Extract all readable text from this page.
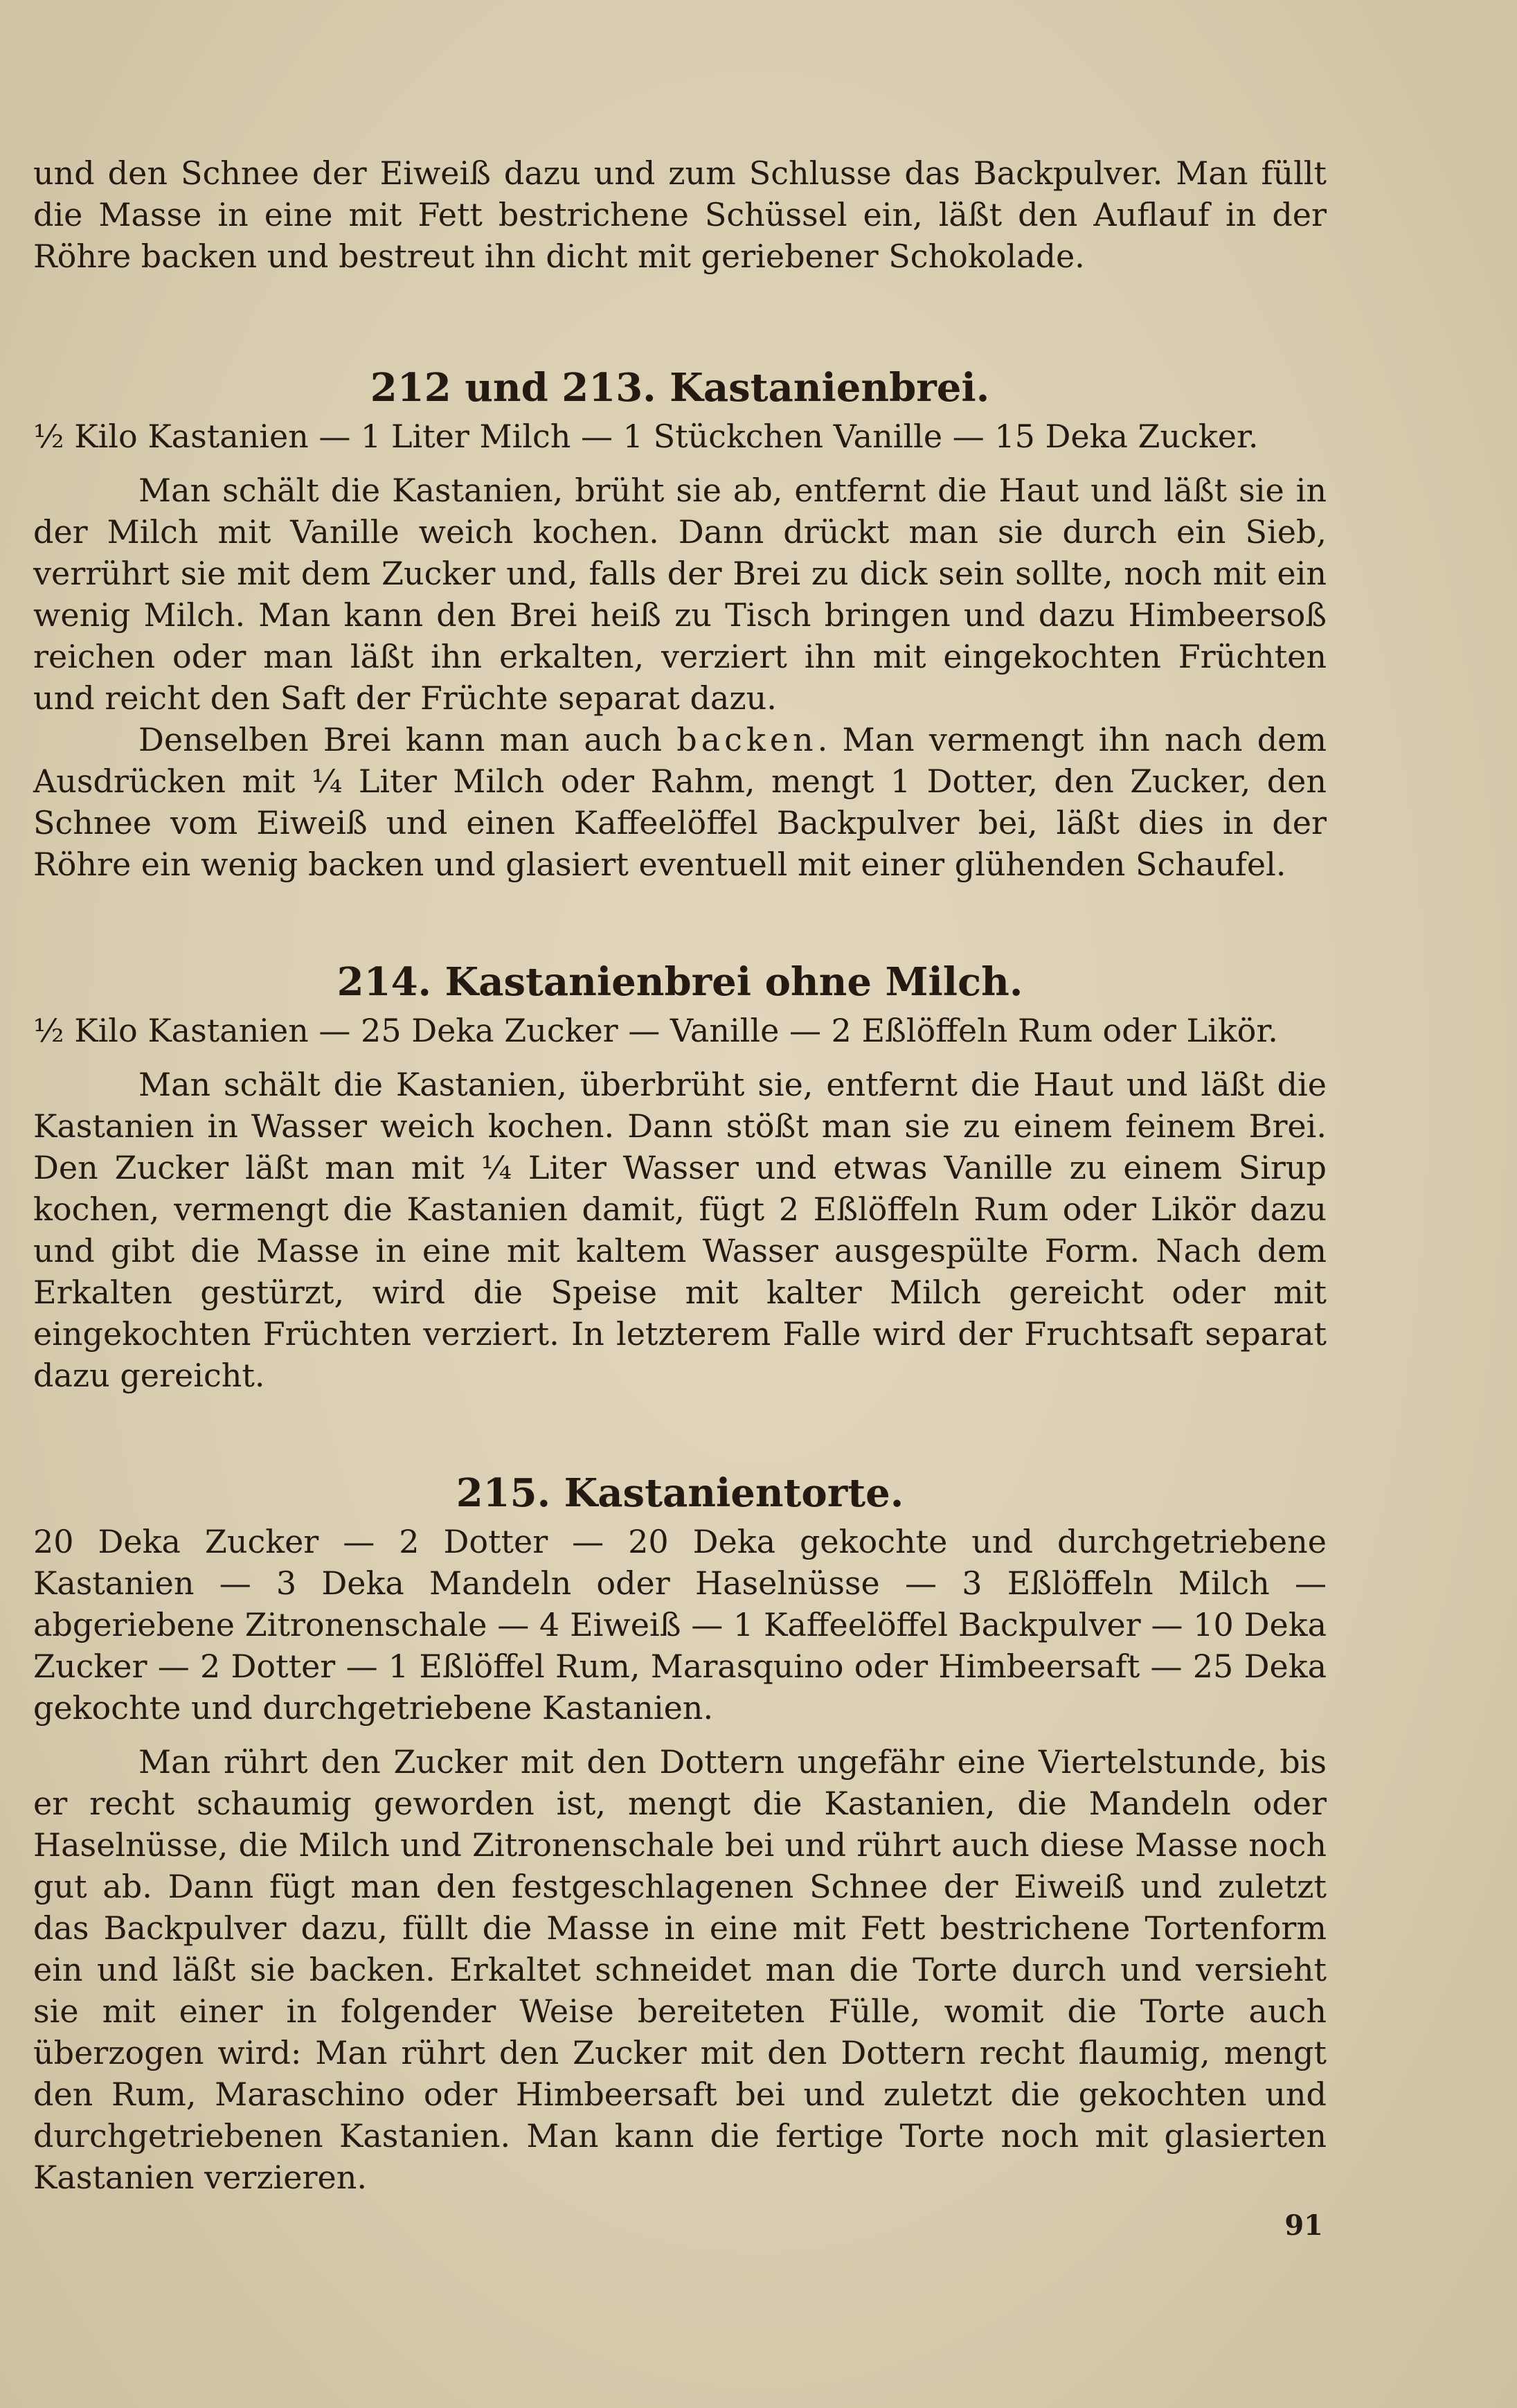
und den Schnee der Eiweiß dazu und zum Schlusse das Backpulver. Man füllt die Masse in eine mit Fett bestrichene Schüssel ein, läßt den Auflauf in der Röhre backen und bestreut ihn dicht mit geriebener Schokolade.

212 und 213. Kastanienbrei.

½ Kilo Kastanien — 1 Liter Milch — 1 Stückchen Vanille — 15 Deka Zucker.

Man schält die Kastanien, brüht sie ab, entfernt die Haut und läßt sie in der Milch mit Vanille weich kochen. Dann drückt man sie durch ein Sieb, verrührt sie mit dem Zucker und, falls der Brei zu dick sein sollte, noch mit ein wenig Milch. Man kann den Brei heiß zu Tisch bringen und dazu Himbeersoß reichen oder man läßt ihn erkalten, verziert ihn mit eingekochten Früchten und reicht den Saft der Früchte separat dazu.

Denselben Brei kann man auch backen. Man vermengt ihn nach dem Ausdrücken mit ¼ Liter Milch oder Rahm, mengt 1 Dotter, den Zucker, den Schnee vom Eiweiß und einen Kaffeelöffel Backpulver bei, läßt dies in der Röhre ein wenig backen und glasiert eventuell mit einer glühenden Schaufel.

214. Kastanienbrei ohne Milch.

½ Kilo Kastanien — 25 Deka Zucker — Vanille — 2 Eßlöffeln Rum oder Likör.

Man schält die Kastanien, überbrüht sie, entfernt die Haut und läßt die Kastanien in Wasser weich kochen. Dann stößt man sie zu einem feinem Brei. Den Zucker läßt man mit ¼ Liter Wasser und etwas Vanille zu einem Sirup kochen, vermengt die Kastanien damit, fügt 2 Eßlöffeln Rum oder Likör dazu und gibt die Masse in eine mit kaltem Wasser ausgespülte Form. Nach dem Erkalten gestürzt, wird die Speise mit kalter Milch gereicht oder mit eingekochten Früchten verziert. In letzterem Falle wird der Fruchtsaft separat dazu gereicht.

215. Kastanientorte.

20 Deka Zucker — 2 Dotter — 20 Deka gekochte und durchgetriebene Kastanien — 3 Deka Mandeln oder Haselnüsse — 3 Eßlöffeln Milch — abgeriebene Zitronenschale — 4 Eiweiß — 1 Kaffeelöffel Backpulver — 10 Deka Zucker — 2 Dotter — 1 Eßlöffel Rum, Marasquino oder Himbeersaft — 25 Deka gekochte und durchgetriebene Kastanien.

Man rührt den Zucker mit den Dottern ungefähr eine Viertelstunde, bis er recht schaumig geworden ist, mengt die Kastanien, die Mandeln oder Haselnüsse, die Milch und Zitronenschale bei und rührt auch diese Masse noch gut ab. Dann fügt man den festgeschlagenen Schnee der Eiweiß und zuletzt das Backpulver dazu, füllt die Masse in eine mit Fett bestrichene Tortenform ein und läßt sie backen. Erkaltet schneidet man die Torte durch und versieht sie mit einer in folgender Weise bereiteten Fülle, womit die Torte auch überzogen wird: Man rührt den Zucker mit den Dottern recht flaumig, mengt den Rum, Maraschino oder Himbeersaft bei und zuletzt die gekochten und durchgetriebenen Kastanien. Man kann die fertige Torte noch mit glasierten Kastanien verzieren.

91
